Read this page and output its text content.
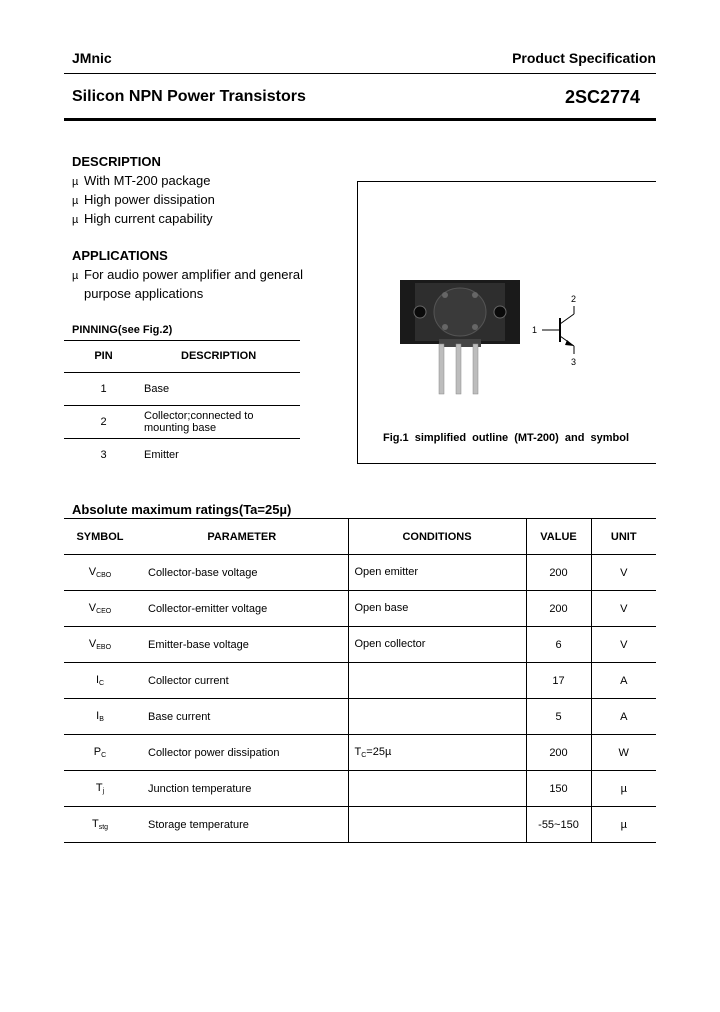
JMnic	Product Specification
Silicon NPN Power Transistors	2SC2774
DESCRIPTION
µ With MT-200 package
µ High power dissipation
µ High current capability
APPLICATIONS
µ For audio power amplifier and general
purpose applications
PINNING(see Fig.2)
PIN	DESCRIPTION
1	Base

2	Collector;connected to
mounting base

3	Emitter
1
2
3
Fig.1 simplified outline (MT-200) and symbol
Absolute maximum ratings(Ta=25µ)
SYMBOL	PARAMETER	CONDITIONS	VALUE	UNIT
$V_{CBO}$	Collector-base voltage	Open emitter	200	V
$V_{CEO}$	Collector-emitter voltage	Open base	200	V
$V_{EBO}$	Emitter-base voltage	Open collector	6	V
$I_C$	Collector current		17	A
$I_B$	Base current		5	A
$P_C$	Collector power dissipation	$T_C=25\mu$	200	W
$T_j$	Junction temperature		150	µ
$T_{stg}$	Storage temperature		-55~150	µ
